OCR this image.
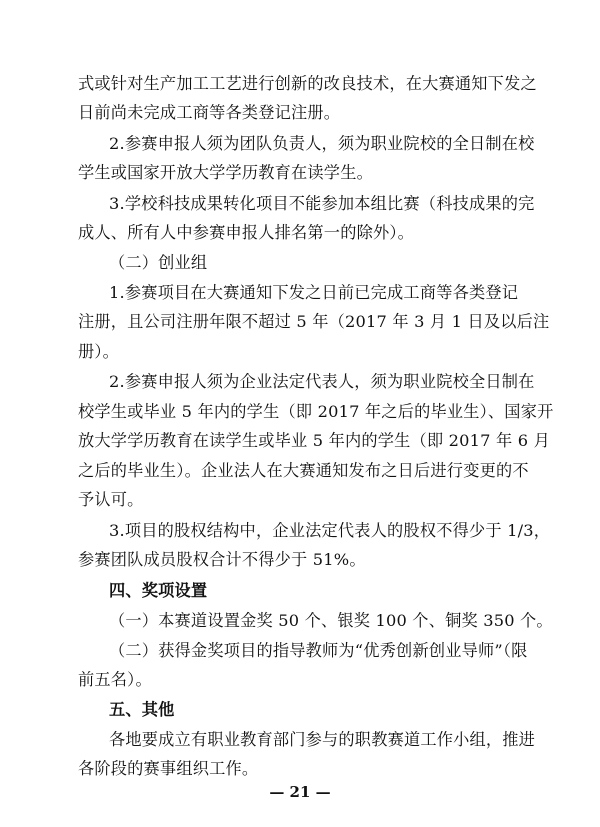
式或针对生产加工工艺进行创新的改良技术，在大赛通知下发之
日前尚未完成工商等各类登记注册。
2.参赛申报人须为团队负责人，须为职业院校的全日制在校
学生或国家开放大学学历教育在读学生。
3.学校科技成果转化项目不能参加本组比赛（科技成果的完
成人、所有人中参赛申报人排名第一的除外）。
（二）创业组
1.参赛项目在大赛通知下发之日前已完成工商等各类登记
注册，且公司注册年限不超过 5 年（2017 年 3 月 1 日及以后注
册）。
2.参赛申报人须为企业法定代表人，须为职业院校全日制在
校学生或毕业 5 年内的学生（即 2017 年之后的毕业生）、国家开
放大学学历教育在读学生或毕业 5 年内的学生（即 2017 年 6 月
之后的毕业生）。企业法人在大赛通知发布之日后进行变更的不
予认可。
3.项目的股权结构中，企业法定代表人的股权不得少于 1/3，
参赛团队成员股权合计不得少于 51%。
四、奖项设置
（一）本赛道设置金奖 50 个、银奖 100 个、铜奖 350 个。
（二）获得金奖项目的指导教师为“优秀创新创业导师”（限
前五名）。
五、其他
各地要成立有职业教育部门参与的职教赛道工作小组，推进
各阶段的赛事组织工作。
— 21 —
